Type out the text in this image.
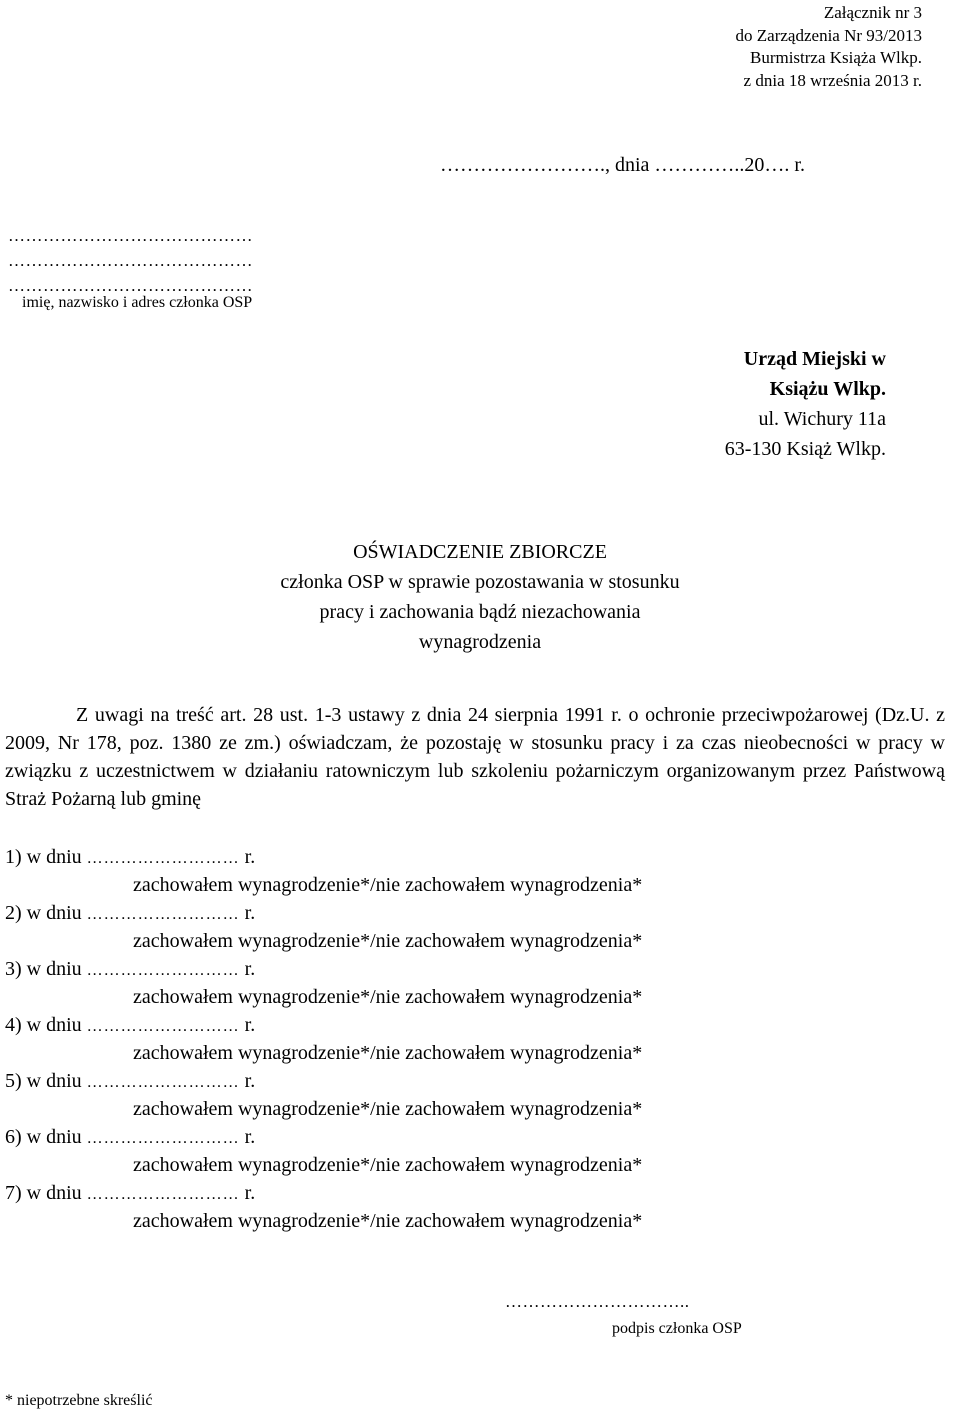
Załącznik nr 3
do Zarządzenia Nr 93/2013
Burmistrza Książa Wlkp.
z dnia 18 września 2013 r.
……………………., dnia …………..20…. r.
……………………………………
……………………………………
……………………………………
imię, nazwisko i adres członka OSP
Urząd Miejski w
Książu Wlkp.
ul. Wichury 11a
63-130 Książ Wlkp.
OŚWIADCZENIE ZBIORCZE
członka OSP w sprawie pozostawania w stosunku
pracy i zachowania bądź niezachowania
wynagrodzenia
Z uwagi na treść art. 28 ust. 1-3 ustawy z dnia 24 sierpnia 1991 r. o ochronie przeciwpożarowej (Dz.U. z 2009, Nr 178, poz. 1380 ze zm.) oświadczam, że pozostaję w stosunku pracy i za czas nieobecności w pracy w związku z uczestnictwem w działaniu ratowniczym lub szkoleniu pożarniczym organizowanym przez Państwową Straż Pożarną lub gminę
1) w dniu ……………………… r.
zachowałem wynagrodzenie*/nie zachowałem wynagrodzenia*
2) w dniu ……………………… r.
zachowałem wynagrodzenie*/nie zachowałem wynagrodzenia*
3) w dniu ……………………… r.
zachowałem wynagrodzenie*/nie zachowałem wynagrodzenia*
4) w dniu ……………………… r.
zachowałem wynagrodzenie*/nie zachowałem wynagrodzenia*
5) w dniu ……………………… r.
zachowałem wynagrodzenie*/nie zachowałem wynagrodzenia*
6) w dniu ……………………… r.
zachowałem wynagrodzenie*/nie zachowałem wynagrodzenia*
7) w dniu ……………………… r.
zachowałem wynagrodzenie*/nie zachowałem wynagrodzenia*
…………………………..
podpis członka OSP
* niepotrzebne skreślić
